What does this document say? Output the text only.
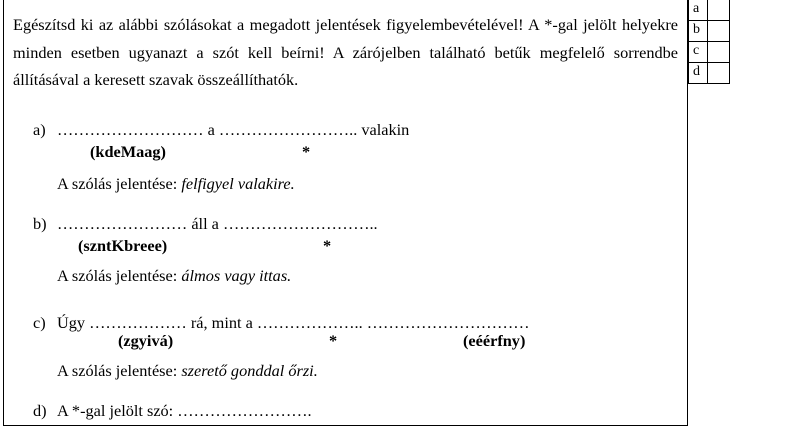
Egészítsd ki az alábbi szólásokat a megadott jelentések figyelembevételével! A *-gal jelölt helyekre minden esetben ugyanazt a szót kell beírni! A zárójelben található betűk megfelelő sorrendbe állításával a keresett szavak összeállíthatók.
a	
b	
c	
d	
a) ……………………… a …………………….. valakin
(kdeMaag)	*
A szólás jelentése: felfigyel valakire.
b) …………………… áll a ………………………..
(szntKbreee)	*
A szólás jelentése: álmos vagy ittas.
c) Úgy ……………… rá, mint a ……………….. …………………………
(zgyivá)	*	(eéérfny)
A szólás jelentése: szerető gonddal őrzi.
d) A *-gal jelölt szó: …………………….
